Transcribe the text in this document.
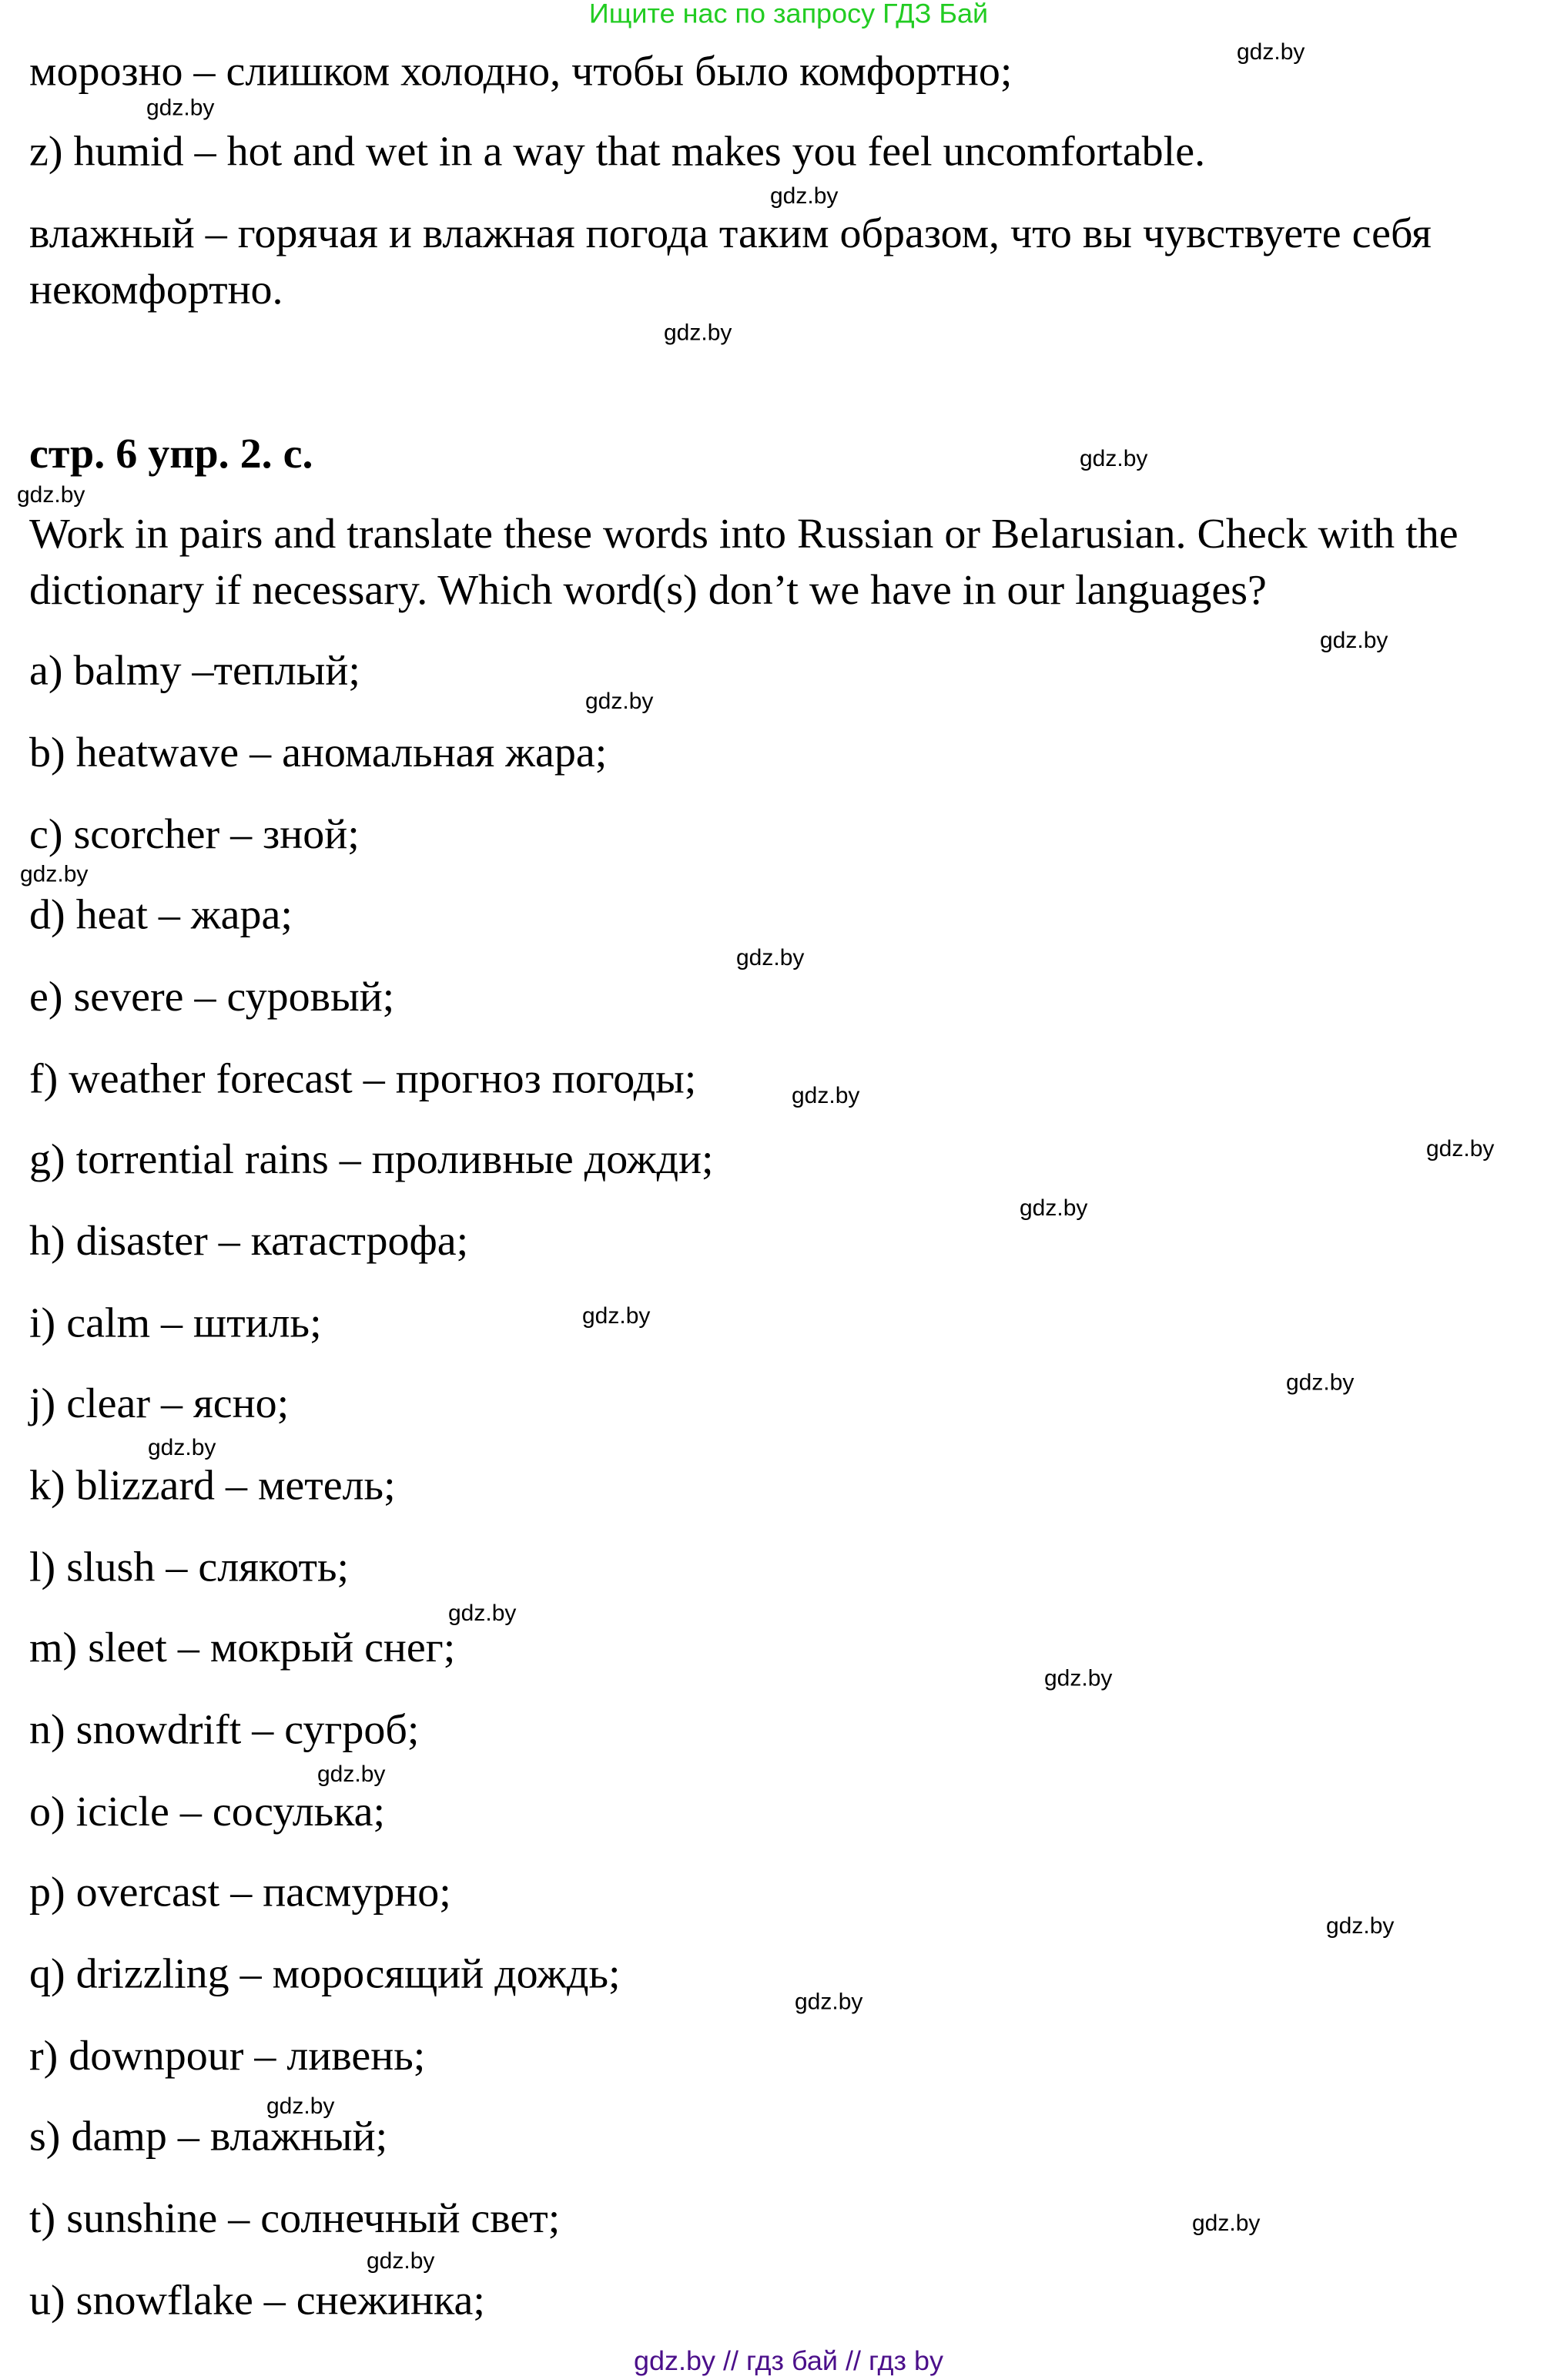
Ищите нас по запросу ГДЗ Бай
морозно – слишком холодно, чтобы было комфортно;
z) humid – hot and wet in a way that makes you feel uncomfortable.
влажный – горячая и влажная погода таким образом, что вы чувствуете себя
некомфортно.
стр. 6 упр. 2. c.
Work in pairs and translate these words into Russian or Belarusian. Check with the
dictionary if necessary. Which word(s) don’t we have in our languages?
a) balmy –теплый;
b) heatwave – аномальная жара;
c) scorcher – зной;
d) heat – жара;
e) severe – суровый;
f) weather forecast – прогноз погоды;
g) torrential rains – проливные дожди;
h) disaster – катастрофа;
i) calm – штиль;
j) clear – ясно;
k) blizzard – метель;
l) slush – слякоть;
m) sleet – мокрый снег;
n) snowdrift – сугроб;
o) icicle – сосулька;
p) overcast – пасмурно;
q) drizzling – моросящий дождь;
r) downpour – ливень;
s) damp – влажный;
t) sunshine – солнечный свет;
u) snowflake – снежинка;
gdz.by
gdz.by
gdz.by
gdz.by
gdz.by
gdz.by
gdz.by
gdz.by
gdz.by
gdz.by
gdz.by
gdz.by
gdz.by
gdz.by
gdz.by
gdz.by
gdz.by
gdz.by
gdz.by
gdz.by
gdz.by
gdz.by
gdz.by
gdz.by
gdz.by // гдз бай // гдз by
